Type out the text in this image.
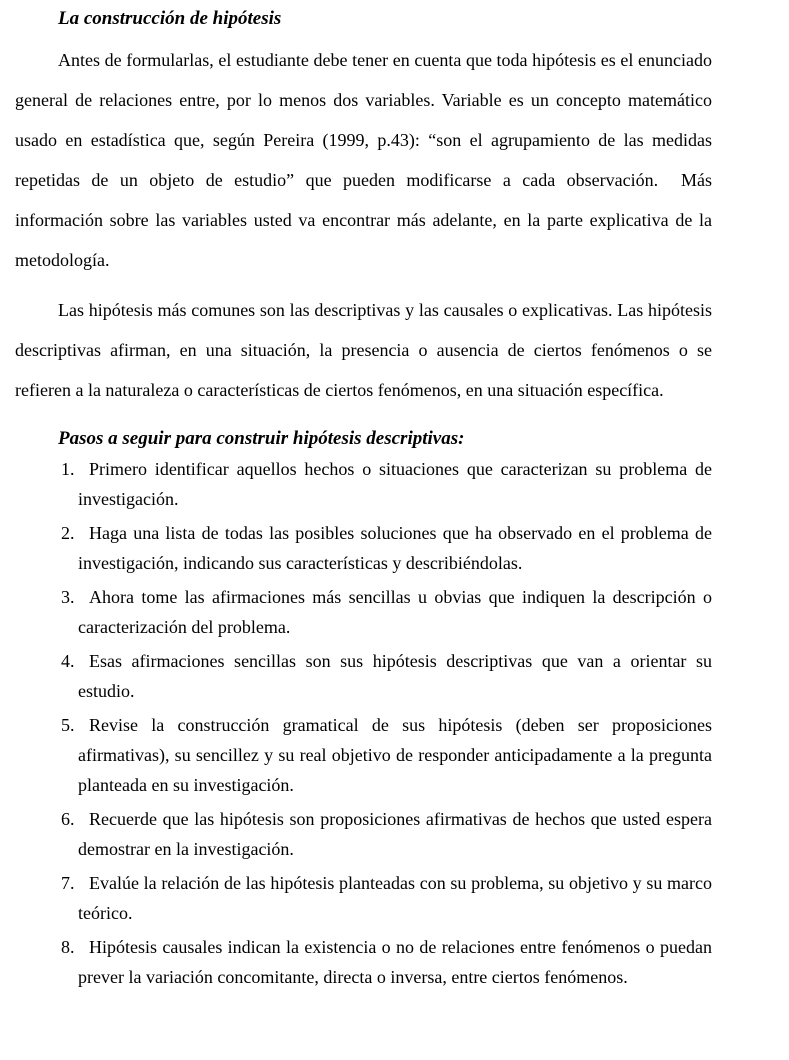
La construcción de hipótesis

Antes de formularlas, el estudiante debe tener en cuenta que toda hipótesis es el enunciado general de relaciones entre, por lo menos dos variables. Variable es un concepto matemático usado en estadística que, según Pereira (1999, p.43): “son el agrupamiento de las medidas repetidas de un objeto de estudio” que pueden modificarse a cada observación.  Más información sobre las variables usted va encontrar más adelante, en la parte explicativa de la metodología.

Las hipótesis más comunes son las descriptivas y las causales o explicativas. Las hipótesis descriptivas afirman, en una situación, la presencia o ausencia de ciertos fenómenos o se refieren a la naturaleza o características de ciertos fenómenos, en una situación específica.

Pasos a seguir para construir hipótesis descriptivas:
Primero identificar aquellos hechos o situaciones que caracterizan su problema de investigación.
Haga una lista de todas las posibles soluciones que ha observado en el problema de investigación, indicando sus características y describiéndolas.
Ahora tome las afirmaciones más sencillas u obvias que indiquen la descripción o caracterización del problema.
Esas afirmaciones sencillas son sus hipótesis descriptivas que van a orientar su estudio.
Revise la construcción gramatical de sus hipótesis (deben ser proposiciones afirmativas), su sencillez y su real objetivo de responder anticipadamente a la pregunta planteada en su investigación.
Recuerde que las hipótesis son proposiciones afirmativas de hechos que usted espera demostrar en la investigación.
Evalúe la relación de las hipótesis planteadas con su problema, su objetivo y su marco teórico.
Hipótesis causales indican la existencia o no de relaciones entre fenómenos o puedan prever la variación concomitante, directa o inversa, entre ciertos fenómenos.
